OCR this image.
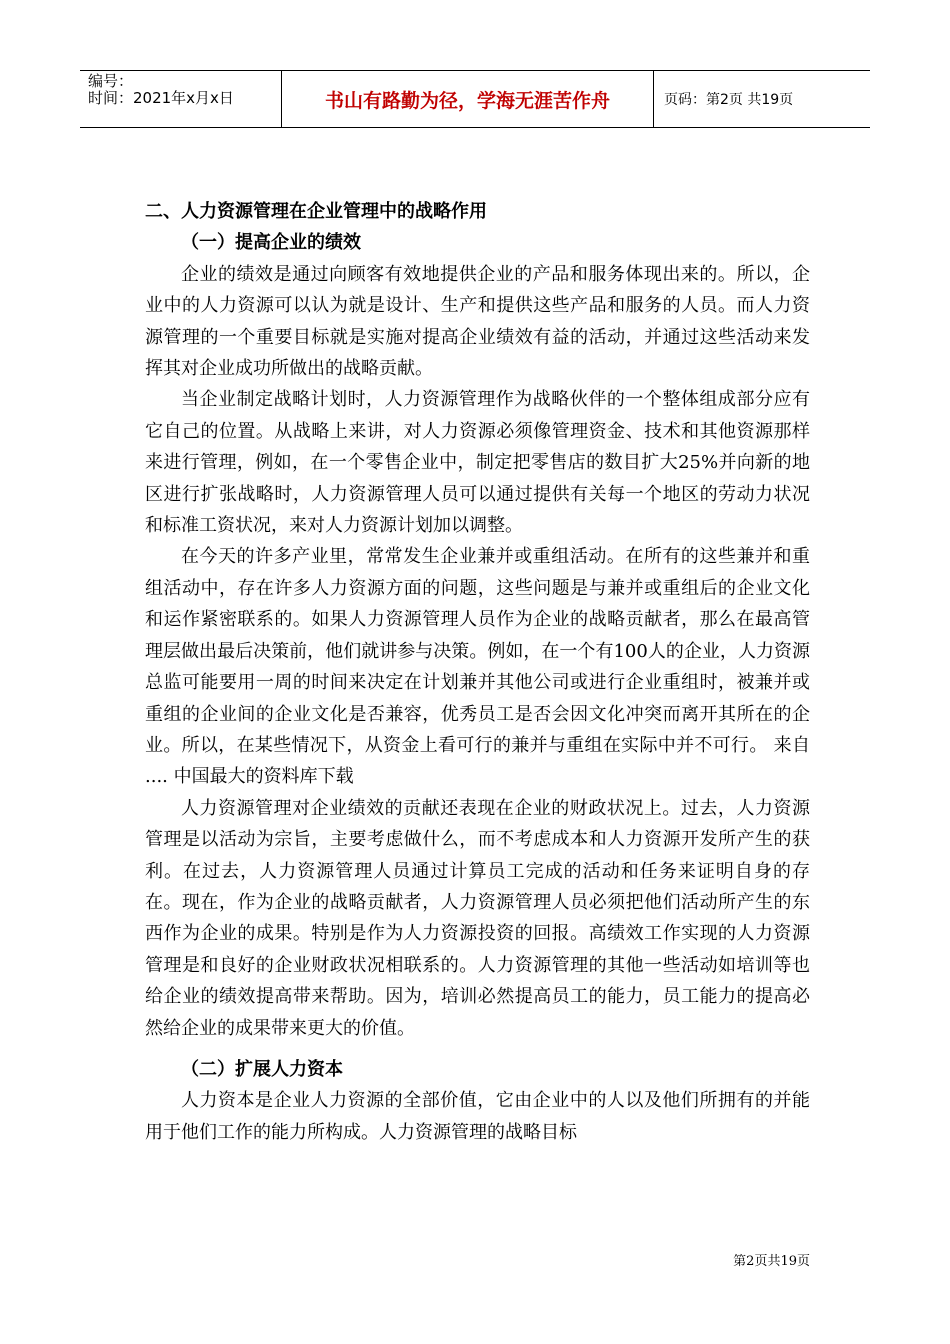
编号：
时间：2021年x月x日	书山有路勤为径，学海无涯苦作舟	页码：第2页 共19页

二、人力资源管理在企业管理中的战略作用

（一）提高企业的绩效

企业的绩效是通过向顾客有效地提供企业的产品和服务体现出来的。所以，企业中的人力资源可以认为就是设计、生产和提供这些产品和服务的人员。而人力资源管理的一个重要目标就是实施对提高企业绩效有益的活动，并通过这些活动来发挥其对企业成功所做出的战略贡献。

当企业制定战略计划时，人力资源管理作为战略伙伴的一个整体组成部分应有它自己的位置。从战略上来讲，对人力资源必须像管理资金、技术和其他资源那样来进行管理，例如，在一个零售企业中，制定把零售店的数目扩大25%并向新的地区进行扩张战略时，人力资源管理人员可以通过提供有关每一个地区的劳动力状况和标准工资状况，来对人力资源计划加以调整。

在今天的许多产业里，常常发生企业兼并或重组活动。在所有的这些兼并和重组活动中，存在许多人力资源方面的问题，这些问题是与兼并或重组后的企业文化和运作紧密联系的。如果人力资源管理人员作为企业的战略贡献者，那么在最高管理层做出最后决策前，他们就讲参与决策。例如，在一个有100人的企业，人力资源总监可能要用一周的时间来决定在计划兼并其他公司或进行企业重组时，被兼并或重组的企业间的企业文化是否兼容，优秀员工是否会因文化冲突而离开其所在的企业。所以，在某些情况下，从资金上看可行的兼并与重组在实际中并不可行。 来自 .... 中国最大的资料库下载

人力资源管理对企业绩效的贡献还表现在企业的财政状况上。过去，人力资源管理是以活动为宗旨，主要考虑做什么，而不考虑成本和人力资源开发所产生的获利。在过去，人力资源管理人员通过计算员工完成的活动和任务来证明自身的存在。现在，作为企业的战略贡献者，人力资源管理人员必须把他们活动所产生的东西作为企业的成果。特别是作为人力资源投资的回报。高绩效工作实现的人力资源管理是和良好的企业财政状况相联系的。人力资源管理的其他一些活动如培训等也给企业的绩效提高带来帮助。因为，培训必然提高员工的能力，员工能力的提高必然给企业的成果带来更大的价值。

（二）扩展人力资本

人力资本是企业人力资源的全部价值，它由企业中的人以及他们所拥有的并能用于他们工作的能力所构成。人力资源管理的战略目标

第2页共19页
